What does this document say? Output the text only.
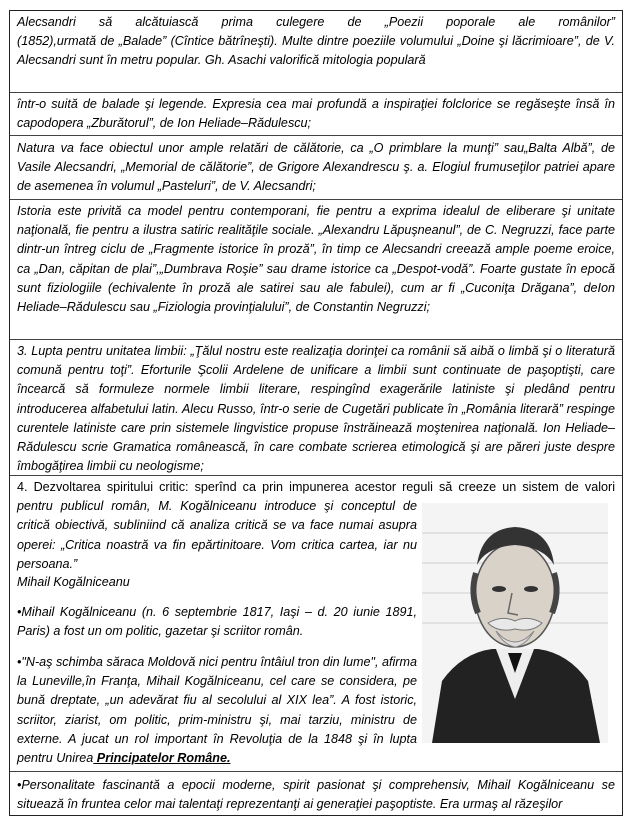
Alecsandri să alcătuiască prima culegere de „Poezii poporale ale românilor”

(1852),urmată de „Balade” (Cîntice bătrîneşti). Multe dintre poeziile volumului „Doine şi lăcrimioare”, de V. Alecsandri sunt în metru popular. Gh. Asachi valorifică mitologia populară

într-o suită de balade şi legende. Expresia cea mai profundă a inspiraţiei folclorice se regăseşte însă în capodopera „Zburătorul”, de Ion Heliade–Rădulescu;
Natura va face obiectul unor ample relatări de călătorie, ca „O primblare la munţi” sau„Balta Albă”, de Vasile Alecsandri, „Memorial de călătorie”, de Grigore Alexandrescu ş. a. Elogiul frumuseţilor patriei apare de asemenea în volumul „Pasteluri”, de V. Alecsandri;
Istoria este privită ca model pentru contemporani, fie pentru a exprima idealul de eliberare şi unitate naţională, fie pentru a ilustra satiric realităţile sociale. „Alexandru Lăpuşneanul”, de C. Negruzzi, face parte dintr-un întreg ciclu de „Fragmente istorice în proză”, în timp ce Alecsandri creează ample poeme eroice, ca „Dan, căpitan de plai”,„Dumbrava Roşie” sau drame istorice ca „Despot-vodă”. Foarte gustate în epocă sunt fiziologiile (echivalente în proză ale satirei sau ale fabulei), cum ar fi „Cuconiţa Drăgana”, deIon Heliade–Rădulescu sau „Fiziologia provinţialului”, de Constantin Negruzzi;
3. Lupta pentru unitatea limbii: „Ţălul nostru este realizaţia dorinţei ca românii să aibă o limbă şi o literatură comună pentru toţi”. Eforturile Şcolii Ardelene de unificare a limbii sunt continuate de paşoptişti, care încearcă să formuleze normele limbii literare, respingînd exagerările latiniste şi pledând pentru introducerea alfabetului latin. Alecu Russo, într-o serie de Cugetări publicate în „România literară” respinge curentele latiniste care prin sistemele lingvistice propuse înstrăinează moştenirea naţională. Ion Heliade–Rădulescu scrie Gramatica românească, în care combate scrierea etimologică şi are păreri juste despre îmbogăţirea limbii cu neologisme;

4. Dezvoltarea spiritului critic: sperînd ca prin impunerea acestor reguli să creeze un sistem de valori

pentru publicul român, M. Kogălniceanu introduce şi conceptul de critică obiectivă, subliniind că analiza critică se va face numai asupra operei: „Critica noastră va fin epărtinitoare. Vom critica cartea, iar nu persoana.”

Mihail Kogălniceanu
•Mihail Kogălniceanu (n. 6 septembrie 1817, Iaşi – d. 20 iunie 1891, Paris) a fost un om politic, gazetar şi scriitor român.
•"N-aş schimba săraca Moldovă nici pentru întâiul tron din lume", afirma la Luneville,în Franţa, Mihail Kogălniceanu, cel care se considera, pe bună dreptate, „un adevărat fiu al secolului al XIX lea”. A fost istoric, scriitor, ziarist, om politic, prim-ministru şi, mai tarziu, ministru de externe. A jucat un rol important în Revoluţia de la 1848 şi în lupta pentru Unirea Principatelor Române.
•Personalitate fascinantă a epocii moderne, spirit pasionat şi comprehensiv, Mihail Kogălniceanu se situează în fruntea celor mai talentaţi reprezentanţi ai generaţiei paşoptiste. Era urmaş al răzeşilor
